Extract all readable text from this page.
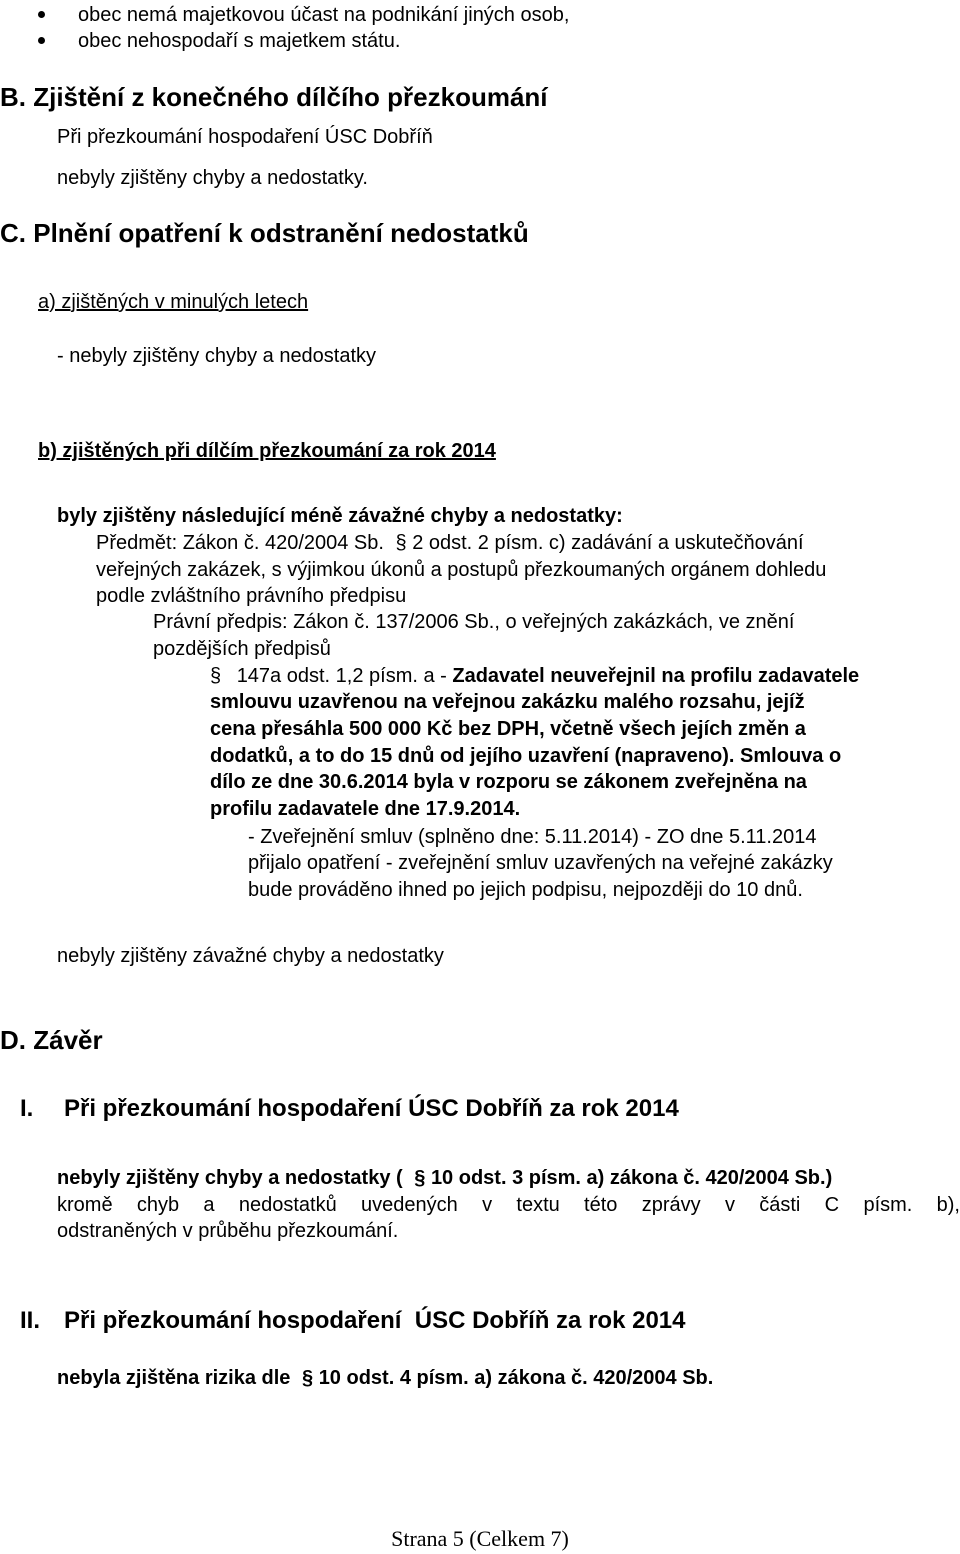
obec nemá majetkovou účast na podnikání jiných osob,
obec nehospodaří s majetkem státu.
B. Zjištění z konečného dílčího přezkoumání
Při přezkoumání hospodaření ÚSC Dobříň
nebyly zjištěny chyby a nedostatky.
C. Plnění opatření k odstranění nedostatků
a) zjištěných v minulých letech
- nebyly zjištěny chyby a nedostatky
b) zjištěných při dílčím přezkoumání za rok 2014
byly zjištěny následující méně závažné chyby a nedostatky:
Předmět: Zákon č. 420/2004 Sb. § 2 odst. 2 písm. c) zadávání a uskutečňování
veřejných zakázek, s výjimkou úkonů a postupů přezkoumaných orgánem dohledu
podle zvláštního právního předpisu
Právní předpis: Zákon č. 137/2006 Sb., o veřejných zakázkách, ve znění
pozdějších předpisů
§ 147a odst. 1,2 písm. a - Zadavatel neuveřejnil na profilu zadavatele
smlouvu uzavřenou na veřejnou zakázku malého rozsahu, jejíž
cena přesáhla 500 000 Kč bez DPH, včetně všech jejích změn a
dodatků, a to do 15 dnů od jejího uzavření (napraveno). Smlouva o
dílo ze dne 30.6.2014 byla v rozporu se zákonem zveřejněna na
profilu zadavatele dne 17.9.2014.
- Zveřejnění smluv (splněno dne: 5.11.2014) - ZO dne 5.11.2014
přijalo opatření - zveřejnění smluv uzavřených na veřejné zakázky
bude prováděno ihned po jejich podpisu, nejpozději do 10 dnů.
nebyly zjištěny závažné chyby a nedostatky
D. Závěr
I. Při přezkoumání hospodaření ÚSC Dobříň za rok 2014
nebyly zjištěny chyby a nedostatky ( § 10 odst. 3 písm. a) zákona č. 420/2004 Sb.)
kromě chyb a nedostatků uvedených v textu této zprávy v části C písm. b),
odstraněných v průběhu přezkoumání.
II. Při přezkoumání hospodaření  ÚSC Dobříň za rok 2014
nebyla zjištěna rizika dle § 10 odst. 4 písm. a) zákona č. 420/2004 Sb.
Strana 5 (Celkem 7)
